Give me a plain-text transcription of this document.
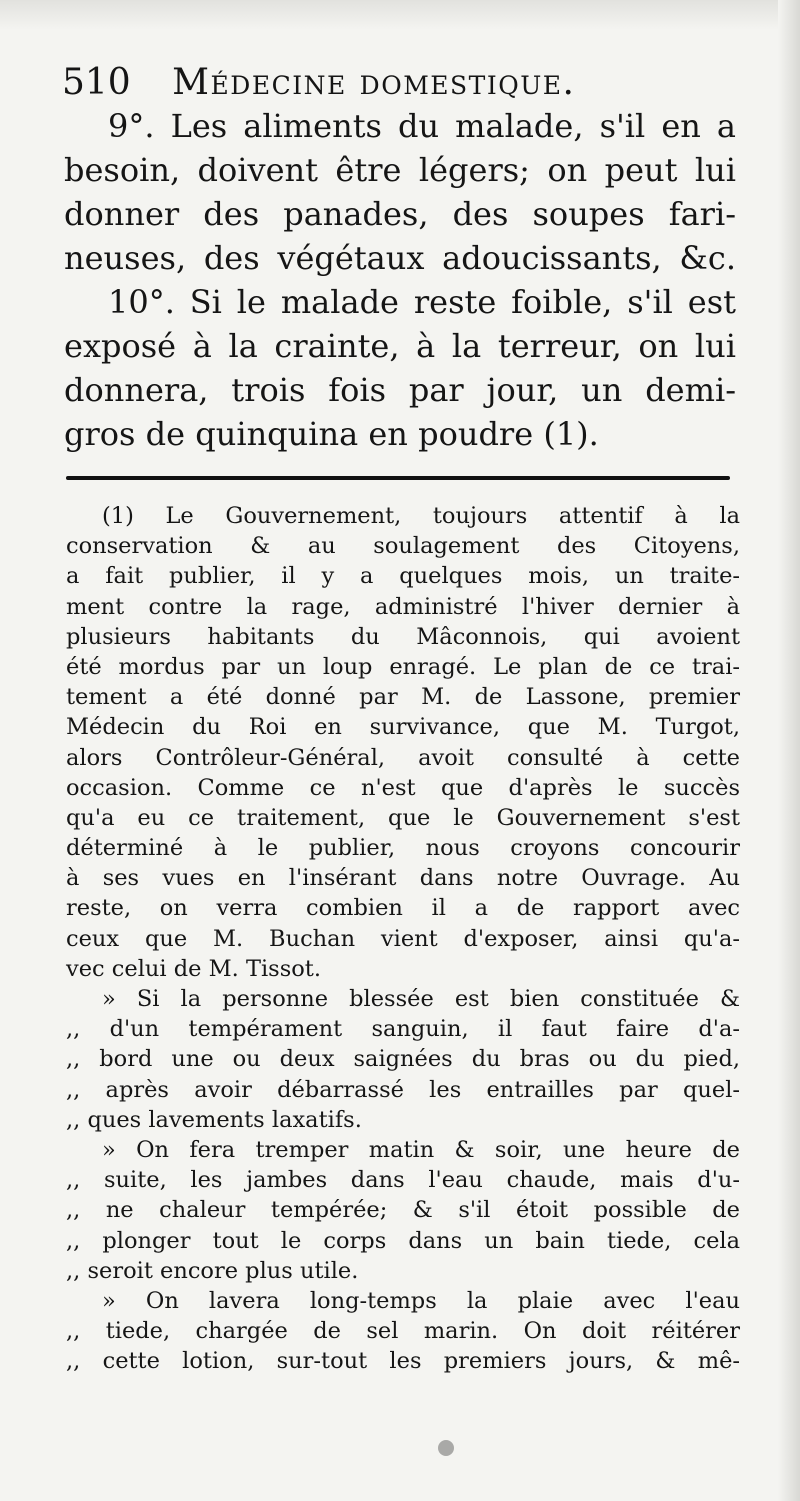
510 Médecine domestique.
9°. Les aliments du malade, s'il en a
besoin, doivent être légers; on peut lui
donner des panades, des soupes fari-
neuses, des végétaux adoucissants, &c.
10°. Si le malade reste foible, s'il est
exposé à la crainte, à la terreur, on lui
donnera, trois fois par jour, un demi-
gros de quinquina en poudre (1).
(1) Le Gouvernement, toujours attentif à la
conservation & au soulagement des Citoyens,
a fait publier, il y a quelques mois, un traite-
ment contre la rage, administré l'hiver dernier à
plusieurs habitants du Mâconnois, qui avoient
été mordus par un loup enragé. Le plan de ce trai-
tement a été donné par M. de Lassone, premier
Médecin du Roi en survivance, que M. Turgot,
alors Contrôleur-Général, avoit consulté à cette
occasion. Comme ce n'est que d'après le succès
qu'a eu ce traitement, que le Gouvernement s'est
déterminé à le publier, nous croyons concourir
à ses vues en l'insérant dans notre Ouvrage. Au
reste, on verra combien il a de rapport avec
ceux que M. Buchan vient d'exposer, ainsi qu'a-
vec celui de M. Tissot.
» Si la personne blessée est bien constituée &
,, d'un tempérament sanguin, il faut faire d'a-
,, bord une ou deux saignées du bras ou du pied,
,, après avoir débarrassé les entrailles par quel-
,, ques lavements laxatifs.
» On fera tremper matin & soir, une heure de
,, suite, les jambes dans l'eau chaude, mais d'u-
,, ne chaleur tempérée; & s'il étoit possible de
,, plonger tout le corps dans un bain tiede, cela
,, seroit encore plus utile.
» On lavera long-temps la plaie avec l'eau
,, tiede, chargée de sel marin. On doit réitérer
,, cette lotion, sur-tout les premiers jours, & mê-
